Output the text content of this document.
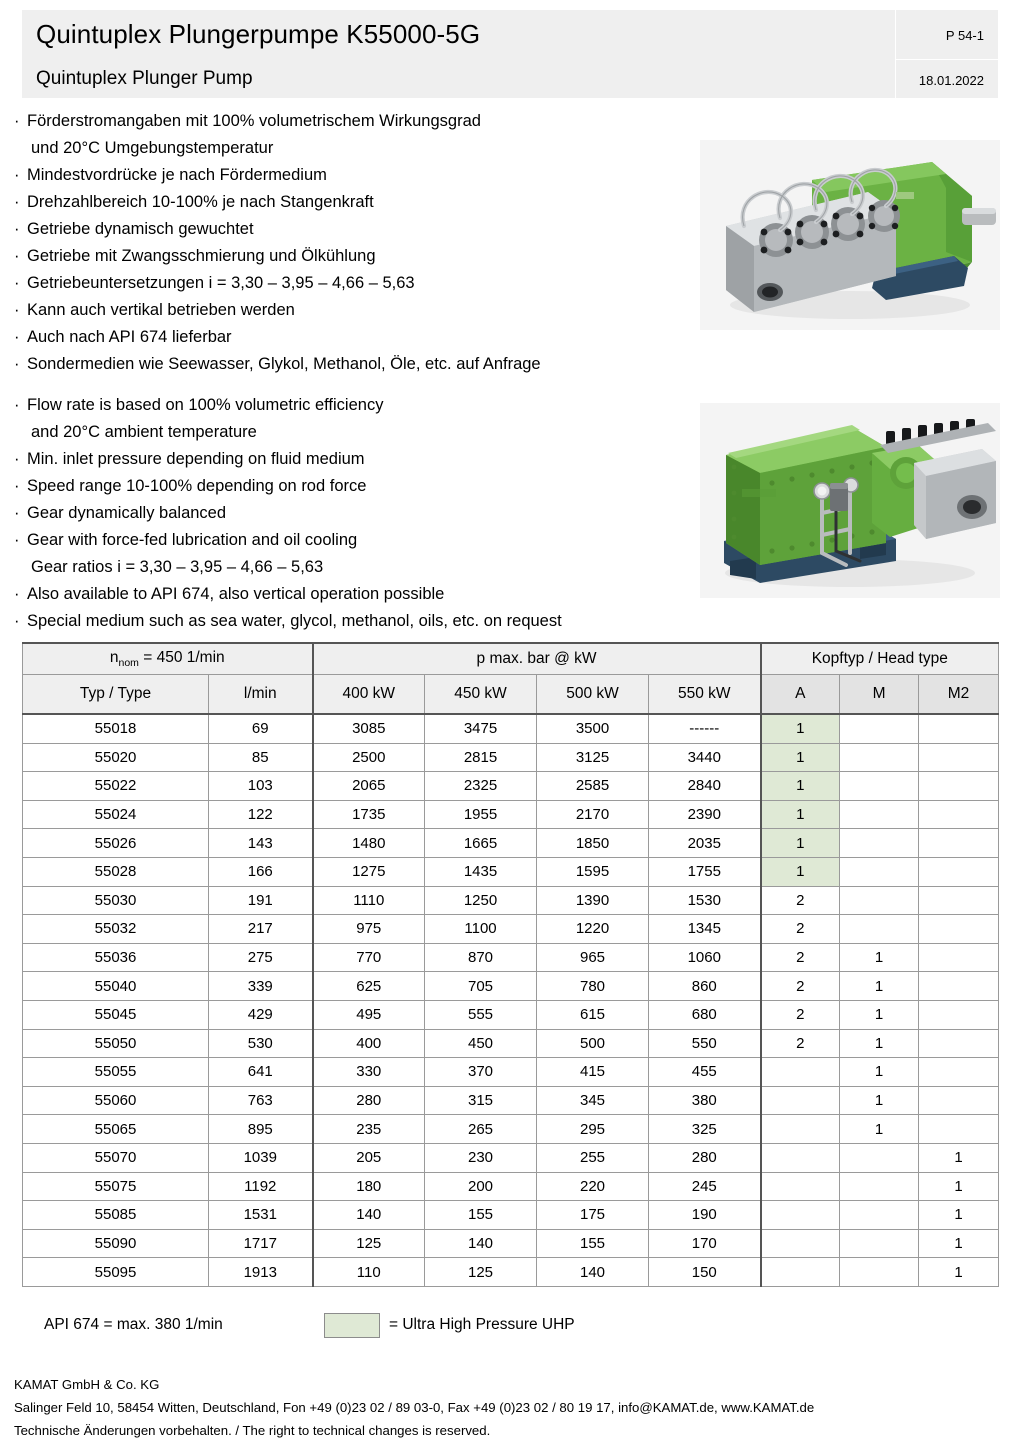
Quintuplex Plungerpumpe K55000-5G
Quintuplex Plunger Pump
P 54-1
18.01.2022
· Förderstromangaben mit 100% volumetrischem Wirkungsgrad
und 20°C Umgebungstemperatur
· Mindestvordrücke je nach Fördermedium
· Drehzahlbereich 10-100% je nach Stangenkraft
· Getriebe dynamisch gewuchtet
· Getriebe mit Zwangsschmierung und Ölkühlung
· Getriebeuntersetzungen i = 3,30 – 3,95 – 4,66 – 5,63
· Kann auch vertikal betrieben werden
· Auch nach API 674 lieferbar
· Sondermedien wie Seewasser, Glykol, Methanol, Öle, etc. auf Anfrage
· Flow rate is based on 100% volumetric efficiency
and 20°C ambient temperature
· Min. inlet pressure depending on fluid medium
· Speed range 10-100% depending on rod force
· Gear dynamically balanced
· Gear with force-fed lubrication and oil cooling
Gear ratios i = 3,30 – 3,95 – 4,66 – 5,63
· Also available to API 674, also vertical operation possible
· Special medium such as sea water, glycol, methanol, oils, etc. on request
$n_{nom} = 450$ 1/min		p max. bar @ kW				Kopftyp / Head type		
Typ / Type	l/min	400 kW	450 kW	500 kW	550 kW	A	M	M2
55018	69	3085	3475	3500	------	1		
55020	85	2500	2815	3125	3440	1		
55022	103	2065	2325	2585	2840	1		
55024	122	1735	1955	2170	2390	1		
55026	143	1480	1665	1850	2035	1		
55028	166	1275	1435	1595	1755	1		
55030	191	1110	1250	1390	1530	2		
55032	217	975	1100	1220	1345	2		
55036	275	770	870	965	1060	2	1	
55040	339	625	705	780	860	2	1	
55045	429	495	555	615	680	2	1	
55050	530	400	450	500	550	2	1	
55055	641	330	370	415	455		1	
55060	763	280	315	345	380		1	
55065	895	235	265	295	325		1	
55070	1039	205	230	255	280			1
55075	1192	180	200	220	245			1
55085	1531	140	155	175	190			1
55090	1717	125	140	155	170			1
55095	1913	110	125	140	150			1
API 674 = max. 380 1/min	= Ultra High Pressure UHP
KAMAT GmbH & Co. KG
Salinger Feld 10, 58454 Witten, Deutschland, Fon +49 (0)23 02 / 89 03-0, Fax +49 (0)23 02 / 80 19 17, info@KAMAT.de, www.KAMAT.de
Technische Änderungen vorbehalten. / The right to technical changes is reserved.
